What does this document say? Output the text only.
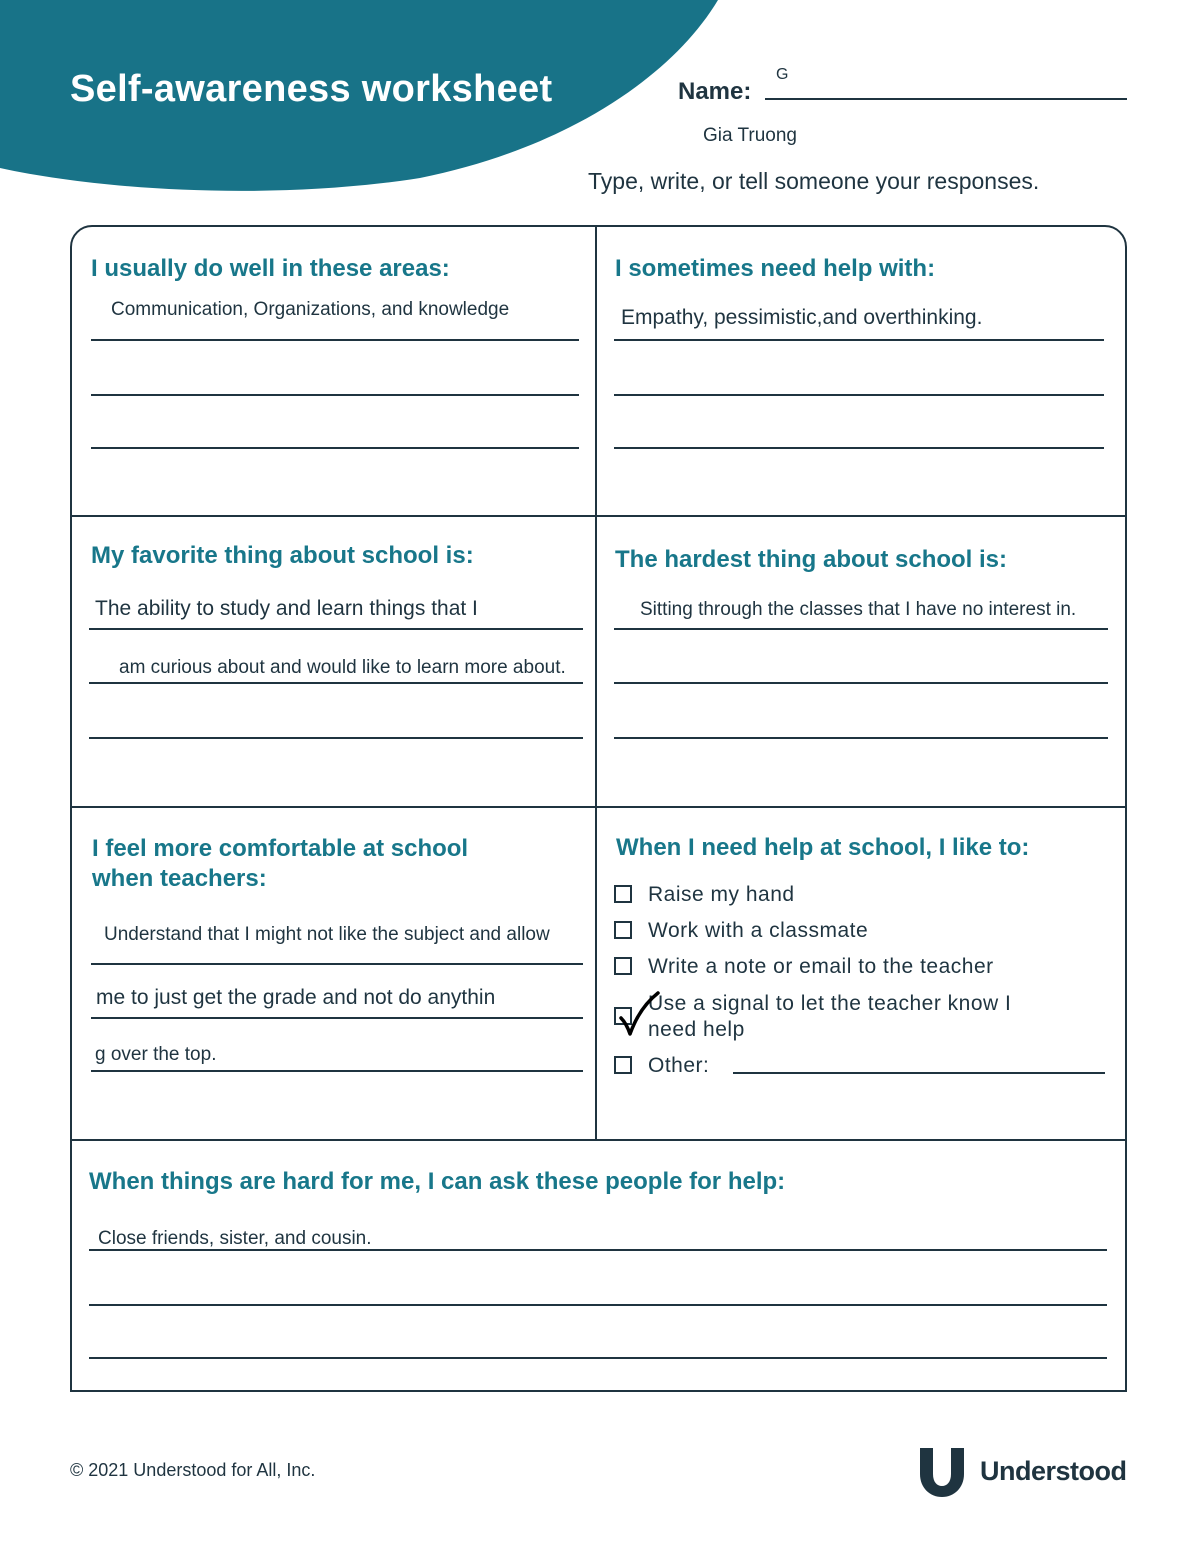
Self-awareness worksheet	Name:
G
Gia Truong
Type, write, or tell someone your responses.
I usually do well in these areas:
Communication, Organizations, and knowledge
I sometimes need help with:
Empathy, pessimistic,and overthinking.
My favorite thing about school is:
The ability to study and learn things that I
am curious about and would like to learn more about.
The hardest thing about school is:
Sitting through the classes that I have no interest in.
I feel more comfortable at school
when teachers:
Understand that I might not like the subject and allow
me to just get the grade and not do anythin
g over the top.
When I need help at school, I like to:
Raise my hand
Work with a classmate
Write a note or email to the teacher
Use a signal to let the teacher know I
need help
Other:
When things are hard for me, I can ask these people for help:
Close friends, sister, and cousin.
© 2021 Understood for All, Inc.	Understood
